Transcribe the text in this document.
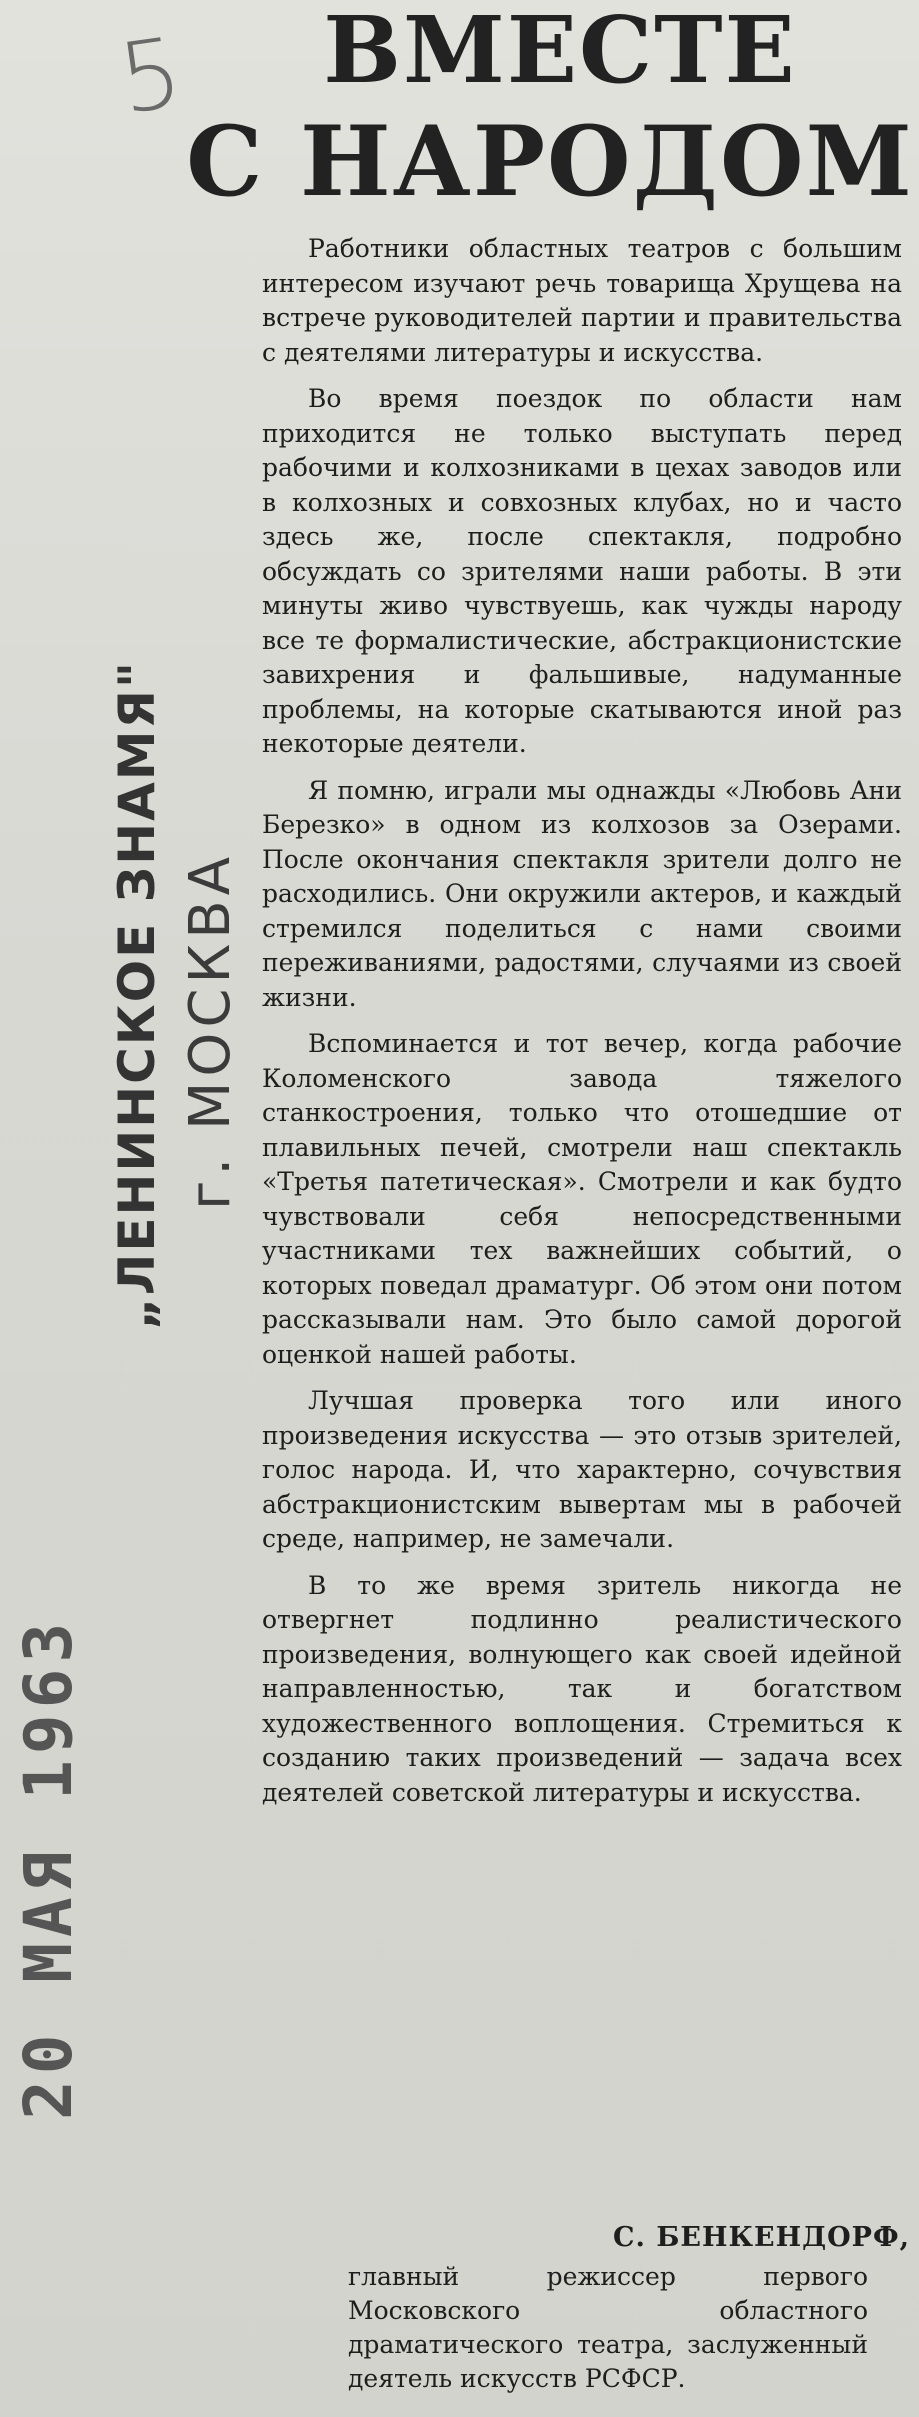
5	ВМЕСТЕ
С НАРОДОМ
„ЛЕНИНСКОЕ ЗНАМЯ" г. МОСКВА
20 МАЯ 1963

Работники областных театров с большим интересом изучают речь товарища Хрущева на встрече руководителей партии и правительства с деятелями литературы и искусства.

Во время поездок по области нам приходится не только выступать перед рабочими и колхозниками в цехах заводов или в колхозных и совхозных клубах, но и часто здесь же, после спектакля, подробно обсуждать со зрителями наши работы. В эти минуты живо чувствуешь, как чужды народу все те формалистические, абстракционистские завихрения и фальшивые, надуманные проблемы, на которые скатываются иной раз некоторые деятели.

Я помню, играли мы однажды «Любовь Ани Березко» в одном из колхозов за Озерами. После окончания спектакля зрители долго не расходились. Они окружили актеров, и каждый стремился поделиться с нами своими переживаниями, радостями, случаями из своей жизни.

Вспоминается и тот вечер, когда рабочие Коломенского завода тяжелого станкостроения, только что отошедшие от плавильных печей, смотрели наш спектакль «Третья патетическая». Смотрели и как будто чувствовали себя непосредственными участниками тех важнейших событий, о которых поведал драматург. Об этом они потом рассказывали нам. Это было самой дорогой оценкой нашей работы.

Лучшая проверка того или иного произведения искусства — это отзыв зрителей, голос народа. И, что характерно, сочувствия абстракционистским вывертам мы в рабочей среде, например, не замечали.

В то же время зритель никогда не отвергнет подлинно реалистического произведения, волнующего как своей идейной направленностью, так и богатством художественного воплощения. Стремиться к созданию таких произведений — задача всех деятелей советской литературы и искусства.

С. БЕНКЕНДОРФ,
главный режиссер первого Московского областного драматического театра, заслуженный деятель искусств РСФСР.
